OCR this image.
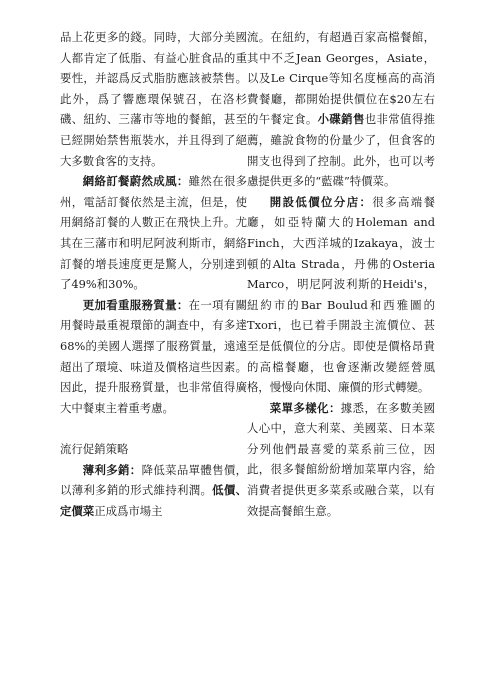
品上花更多的錢。同時，大部分美國人都肯定了低脂、有益心脏食品的重要性，并認爲反式脂肪應該被禁售。此外，爲了響應環保號召，在洛杉磯、紐約、三藩市等地的餐館，甚至已經開始禁售瓶裝水，并且得到了絕大多數食客的支持。

網絡訂餐蔚然成風：雖然在很多州，電話訂餐依然是主流，但是，使用網絡訂餐的人數正在飛快上升。尤其在三藩市和明尼阿波利斯市，網絡訂餐的增長速度更是驚人，分别達到了49%和30%。

更加看重服務質量：在一項有關用餐時最重視環節的調查中，有多達68%的美國人選擇了服務質量，遠遠超出了環境、味道及價格這些因素。因此，提升服務質量，也非常值得廣大中餐東主着重考慮。

流行促銷策略

薄利多銷：降低菜品單體售價，以薄利多銷的形式維持利潤。低價、定價菜正成爲市場主

流。在紐約，有超過百家高檔餐館，其中不乏Jean Georges，Asiate，以及Le Cirque等知名度極高的高消費餐廳，都開始提供價位在$20左右的午餐定食。小碟銷售也非常值得推薦，雖說食物的份量少了，但食客的開支也得到了控制。此外，也可以考慮提供更多的“藍碟”特價菜。

開設低價位分店：很多高端餐廳，如亞特蘭大的Holeman and Finch，大西洋城的Izakaya，波士頓的Alta Strada，丹佛的Osteria Marco，明尼阿波利斯的Heidi's，紐約市的Bar Boulud和西雅圖的Txori，也已着手開設主流價位、甚至是低價位的分店。即使是價格昂貴的高檔餐廳，也會逐漸改變經營風格，慢慢向休閒、廉價的形式轉變。

菜單多樣化：據悉，在多數美國人心中，意大利菜、美國菜、日本菜分列他們最喜愛的菜系前三位，因此，很多餐館紛紛增加菜單内容，給消費者提供更多菜系或融合菜，以有效提高餐館生意。
